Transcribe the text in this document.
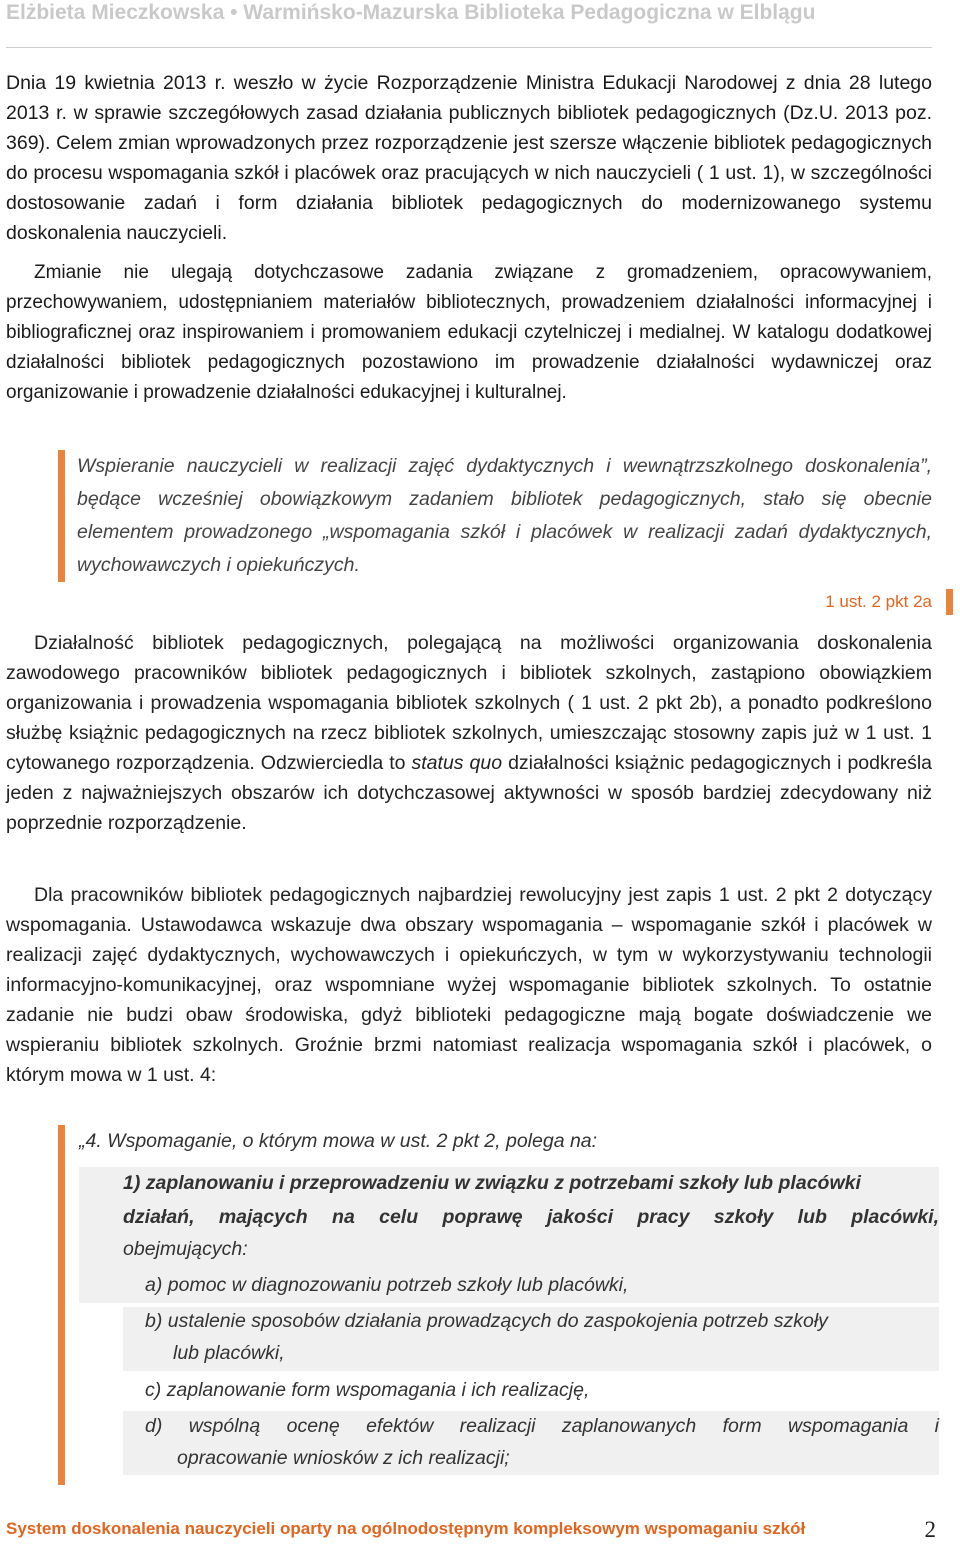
Elżbieta Mieczkowska • Warmińsko-Mazurska Biblioteka Pedagogiczna w Elblągu

Dnia 19 kwietnia 2013 r. weszło w życie Rozporządzenie Ministra Edukacji Narodowej z dnia 28 lutego 2013 r. w sprawie szczegółowych zasad działania publicznych bibliotek pedagogicznych (Dz.U. 2013 poz. 369). Celem zmian wprowadzonych przez rozporządzenie jest szersze włączenie bibliotek pedagogicznych do procesu wspomagania szkół i placówek oraz pracujących w nich nauczycieli ( 1 ust. 1), w szczególności dostosowanie zadań i form działania bibliotek pedagogicznych do modernizowanego systemu doskonalenia nauczycieli.

Zmianie nie ulegają dotychczasowe zadania związane z gromadzeniem, opracowywaniem, przechowywaniem, udostępnianiem materiałów bibliotecznych, prowadzeniem działalności informacyjnej i bibliograficznej oraz inspirowaniem i promowaniem edukacji czytelniczej i medialnej. W katalogu dodatkowej działalności bibliotek pedagogicznych pozostawiono im prowadzenie działalności wydawniczej oraz organizowanie i prowadzenie działalności edukacyjnej i kulturalnej.

Wspieranie nauczycieli w realizacji zajęć dydaktycznych i wewnątrzszkolnego doskonalenia”, będące wcześniej obowiązkowym zadaniem bibliotek pedagogicznych, stało się obecnie elementem prowadzonego „wspomagania szkół i placówek w realizacji zadań dydaktycznych, wychowawczych i opiekuńczych.

1 ust. 2 pkt 2a

Działalność bibliotek pedagogicznych, polegającą na możliwości organizowania doskonalenia zawodowego pracowników bibliotek pedagogicznych i bibliotek szkolnych, zastąpiono obowiązkiem organizowania i prowadzenia wspomagania bibliotek szkolnych ( 1 ust. 2 pkt 2b), a ponadto podkreślono służbę książnic pedagogicznych na rzecz bibliotek szkolnych, umieszczając stosowny zapis już w 1 ust. 1 cytowanego rozporządzenia. Odzwierciedla to status quo działalności książnic pedagogicznych i podkreśla jeden z najważniejszych obszarów ich dotychczasowej aktywności w sposób bardziej zdecydowany niż poprzednie rozporządzenie.

Dla pracowników bibliotek pedagogicznych najbardziej rewolucyjny jest zapis 1 ust. 2 pkt 2 dotyczący wspomagania. Ustawodawca wskazuje dwa obszary wspomagania – wspomaganie szkół i placówek w realizacji zajęć dydaktycznych, wychowawczych i opiekuńczych, w tym w wykorzystywaniu technologii informacyjno-komunikacyjnej, oraz wspomniane wyżej wspomaganie bibliotek szkolnych. To ostatnie zadanie nie budzi obaw środowiska, gdyż biblioteki pedagogiczne mają bogate doświadczenie we wspieraniu bibliotek szkolnych. Groźnie brzmi natomiast realizacja wspomagania szkół i placówek, o którym mowa w 1 ust. 4:

„4. Wspomaganie, o którym mowa w ust. 2 pkt 2, polega na:
1) zaplanowaniu i przeprowadzeniu w związku z potrzebami szkoły lub placówki
działań, mających na celu poprawę jakości pracy szkoły lub placówki,
obejmujących:
a) pomoc w diagnozowaniu potrzeb szkoły lub placówki,
b) ustalenie sposobów działania prowadzących do zaspokojenia potrzeb szkoły
lub placówki,
c) zaplanowanie form wspomagania i ich realizację,
d) wspólną ocenę efektów realizacji zaplanowanych form wspomagania i
opracowanie wniosków z ich realizacji;
System doskonalenia nauczycieli oparty na ogólnodostępnym kompleksowym wspomaganiu szkół	2
